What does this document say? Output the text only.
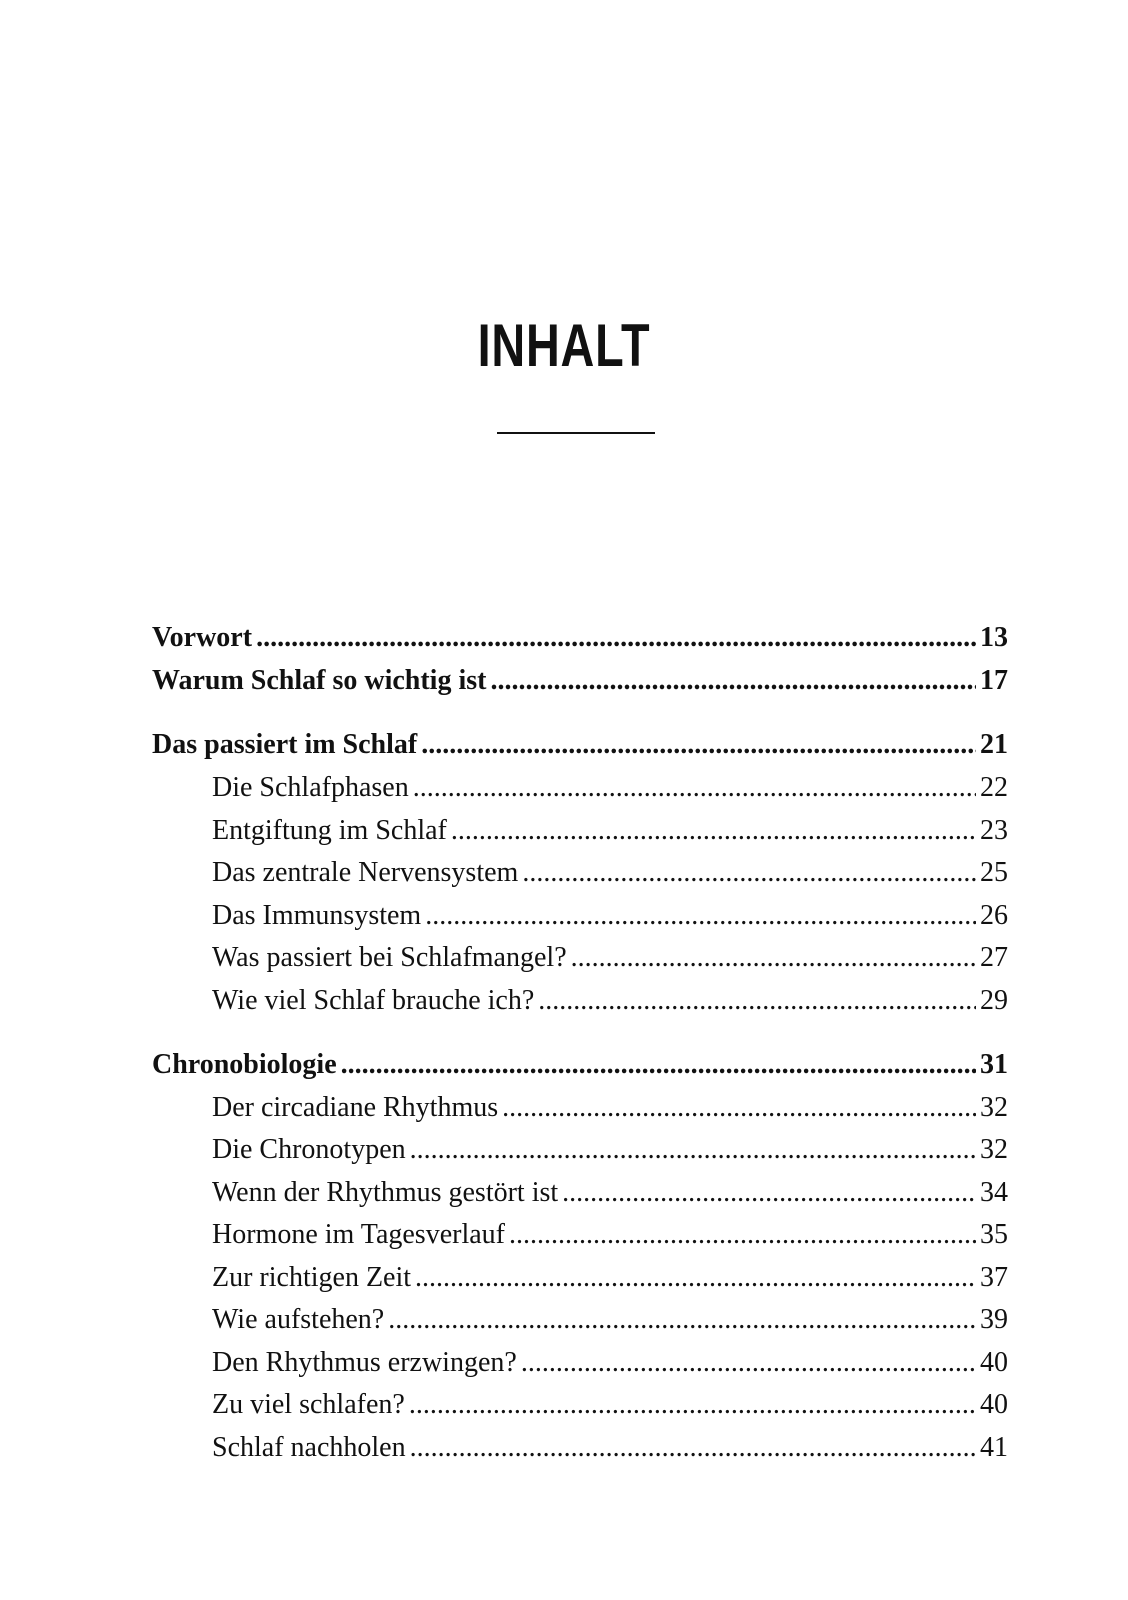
INHALT
Vorwort .....	13
Warum Schlaf so wichtig ist .....	17
Das passiert im Schlaf .....	21
Die Schlafphasen .....	22
Entgiftung im Schlaf .....	23
Das zentrale Nervensystem .....	25
Das Immunsystem .....	26
Was passiert bei Schlafmangel? .....	27
Wie viel Schlaf brauche ich? .....	29
Chronobiologie .....	31
Der circadiane Rhythmus .....	32
Die Chronotypen .....	32
Wenn der Rhythmus gestört ist .....	34
Hormone im Tagesverlauf .....	35
Zur richtigen Zeit .....	37
Wie aufstehen? .....	39
Den Rhythmus erzwingen? .....	40
Zu viel schlafen? .....	40
Schlaf nachholen .....	41
